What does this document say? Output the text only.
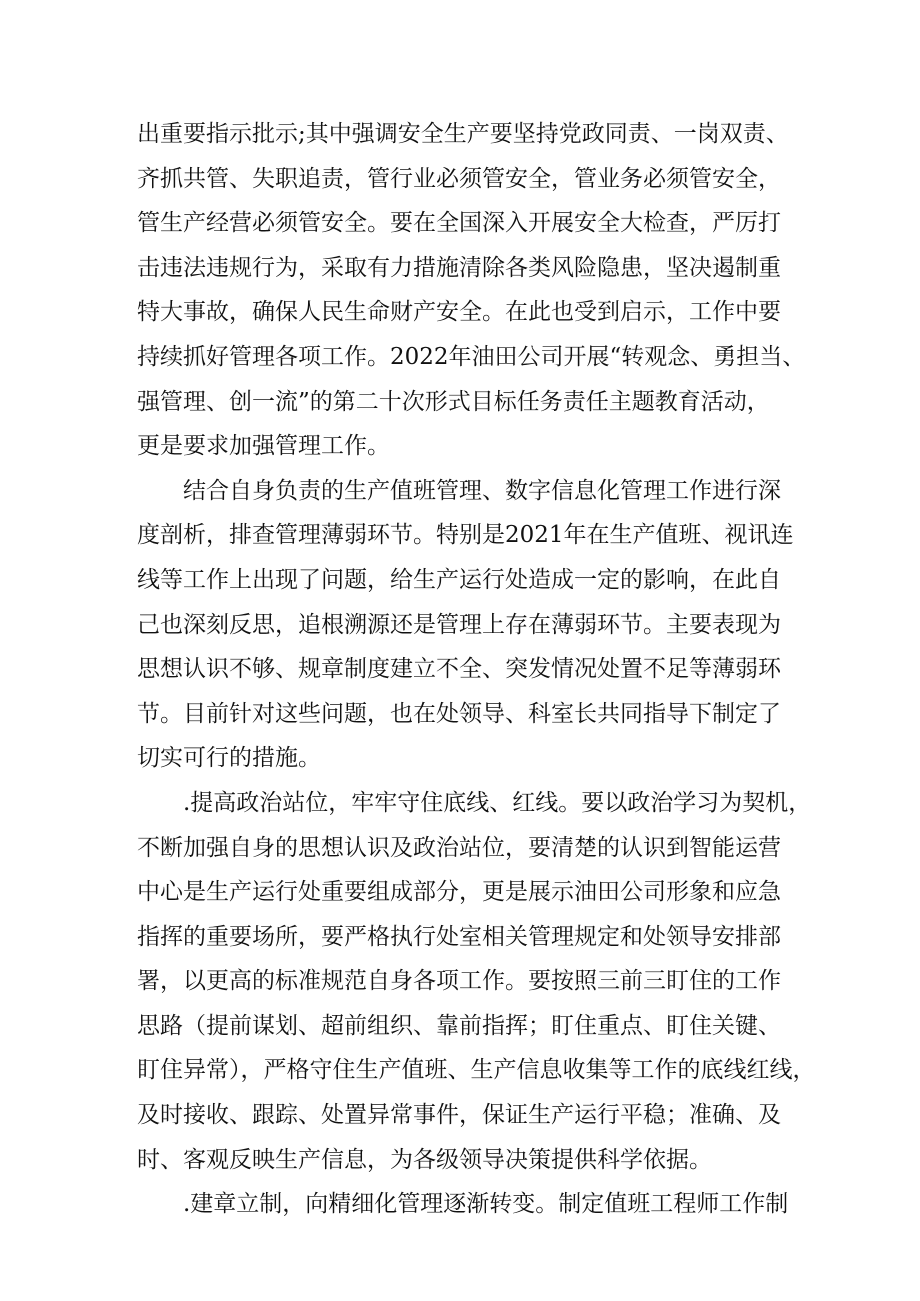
出重要指示批示;其中强调安全生产要坚持党政同责、一岗双责、
齐抓共管、失职追责，管行业必须管安全，管业务必须管安全，
管生产经营必须管安全。要在全国深入开展安全大检查，严厉打
击违法违规行为，采取有力措施清除各类风险隐患，坚决遏制重
特大事故，确保人民生命财产安全。在此也受到启示，工作中要
持续抓好管理各项工作。2022年油田公司开展“转观念、勇担当、
强管理、创一流”的第二十次形式目标任务责任主题教育活动，
更是要求加强管理工作。
结合自身负责的生产值班管理、数字信息化管理工作进行深
度剖析，排查管理薄弱环节。特别是2021年在生产值班、视讯连
线等工作上出现了问题，给生产运行处造成一定的影响，在此自
己也深刻反思，追根溯源还是管理上存在薄弱环节。主要表现为
思想认识不够、规章制度建立不全、突发情况处置不足等薄弱环
节。目前针对这些问题，也在处领导、科室长共同指导下制定了
切实可行的措施。
.提高政治站位，牢牢守住底线、红线。要以政治学习为契机，
不断加强自身的思想认识及政治站位，要清楚的认识到智能运营
中心是生产运行处重要组成部分，更是展示油田公司形象和应急
指挥的重要场所，要严格执行处室相关管理规定和处领导安排部
署，以更高的标准规范自身各项工作。要按照三前三盯住的工作
思路（提前谋划、超前组织、靠前指挥；盯住重点、盯住关键、
盯住异常），严格守住生产值班、生产信息收集等工作的底线红线，
及时接收、跟踪、处置异常事件，保证生产运行平稳；准确、及
时、客观反映生产信息，为各级领导决策提供科学依据。
.建章立制，向精细化管理逐渐转变。制定值班工程师工作制
